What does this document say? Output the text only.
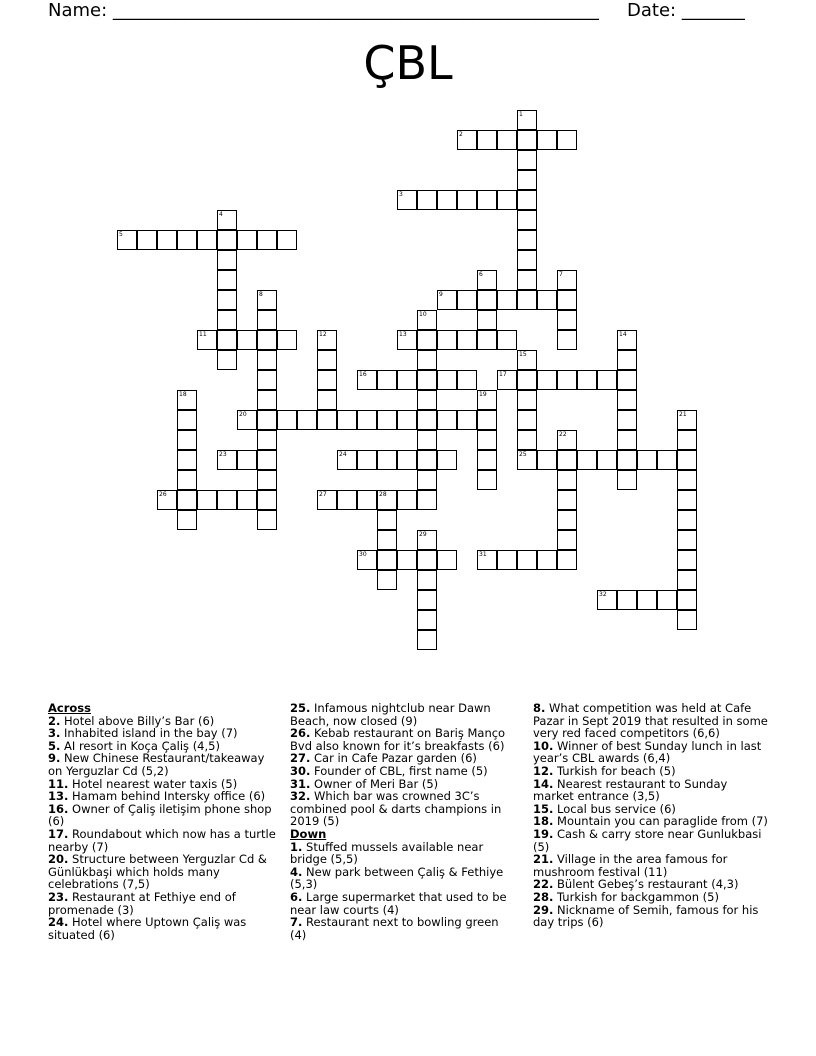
Name: ______________________________________________________ Date: _______
ÇBL
1
2
3
4
5
6	7
8	9
10
11	12	13	14
15
25
16	17
18	19
20	21
22
23	24
26	27	28
29
30	31
32
Across
2. Hotel above Billy’s Bar (6)
3. Inhabited island in the bay (7)
5. AI resort in Koça Çaliş (4,5)
9. New Chinese Restaurant/takeaway on Yerguzlar Cd (5,2)
11. Hotel nearest water taxis (5)
13. Hamam behind Intersky office (6)
16. Owner of Çaliş iletişim phone shop (6)
17. Roundabout which now has a turtle nearby (7)
20. Structure between Yerguzlar Cd & Günlükbaşi which holds many celebrations (7,5)
23. Restaurant at Fethiye end of promenade (3)
24. Hotel where Uptown Çaliş was situated (6)
25. Infamous nightclub near Dawn Beach, now closed (9)
26. Kebab restaurant on Bariş Manço Bvd also known for it’s breakfasts (6)
27. Car in Cafe Pazar garden (6)
30. Founder of CBL, first name (5)
31. Owner of Meri Bar (5)
32. Which bar was crowned 3C’s combined pool & darts champions in 2019 (5)
Down
1. Stuffed mussels available near bridge (5,5)
4. New park between Çaliş & Fethiye (5,3)
6. Large supermarket that used to be near law courts (4)
7. Restaurant next to bowling green (4)
8. What competition was held at Cafe Pazar in Sept 2019 that resulted in some very red faced competitors (6,6)
10. Winner of best Sunday lunch in last year’s CBL awards (6,4)
12. Turkish for beach (5)
14. Nearest restaurant to Sunday market entrance (3,5)
15. Local bus service (6)
18. Mountain you can paraglide from (7)
19. Cash & carry store near Gunlukbasi (5)
21. Village in the area famous for mushroom festival (11)
22. Bülent Gebeş’s restaurant (4,3)
28. Turkish for backgammon (5)
29. Nickname of Semih, famous for his day trips (6)
